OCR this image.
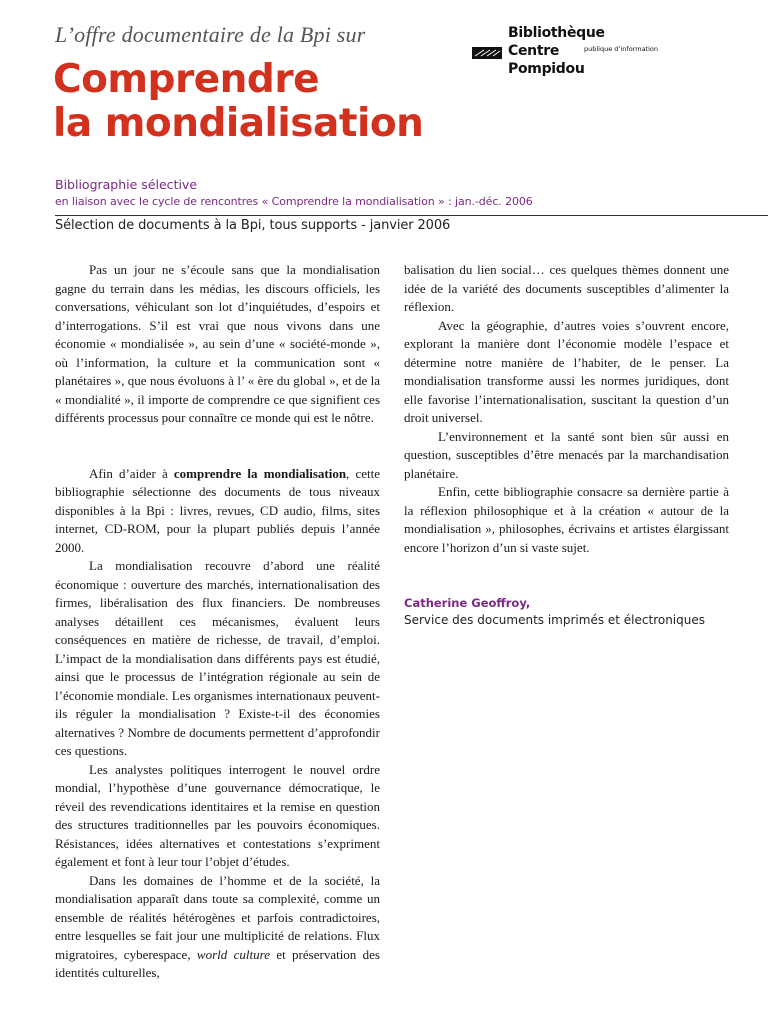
L’offre documentaire de la Bpi sur
Comprendre
la mondialisation
Bibliothèque
Centre	publique d’information
Pompidou
Bibliographie sélective
en liaison avec le cycle de rencontres « Comprendre la mondialisation » : jan.-déc. 2006
Sélection de documents à la Bpi, tous supports - janvier 2006

Pas un jour ne s’écoule sans que la mondialisation gagne du terrain dans les médias, les discours officiels, les conversations, véhiculant son lot d’inquiétudes, d’espoirs et d’interrogations. S’il est vrai que nous vivons dans une économie « mondialisée », au sein d’une « société-monde », où l’information, la culture et la communication sont « planétaires », que nous évoluons à l’ « ère du global », et de la « mondialité », il importe de comprendre ce que signifient ces différents processus pour connaître ce monde qui est le nôtre.

Afin d’aider à comprendre la mondialisation, cette bibliographie sélectionne des documents de tous niveaux disponibles à la Bpi : livres, revues, CD audio, films, sites internet, CD-ROM, pour la plupart publiés depuis l’année 2000.

La mondialisation recouvre d’abord une réalité économique : ouverture des marchés, internationalisation des firmes, libéralisation des flux financiers. De nombreuses analyses détaillent ces mécanismes, évaluent leurs conséquences en matière de richesse, de travail, d’emploi. L’impact de la mondialisation dans différents pays est étudié, ainsi que le processus de l’intégration régionale au sein de l’économie mondiale. Les organismes internationaux peuvent-ils réguler la mondialisation ? Existe-t-il des économies alternatives ? Nombre de documents permettent d’approfondir ces questions.

Les analystes politiques interrogent le nouvel ordre mondial, l’hypothèse d’une gouvernance démocratique, le réveil des revendications identitaires et la remise en question des structures traditionnelles par les pouvoirs économiques. Résistances, idées alternatives et contestations s’expriment également et font à leur tour l’objet d’études.

Dans les domaines de l’homme et de la société, la mondialisation apparaît dans toute sa complexité, comme un ensemble de réalités hétérogènes et parfois contradictoires, entre lesquelles se fait jour une multiplicité de relations. Flux migratoires, cyberespace, world culture et préservation des identités culturelles,

balisation du lien social… ces quelques thèmes donnent une idée de la variété des documents susceptibles d’alimenter la réflexion.

Avec la géographie, d’autres voies s’ouvrent encore, explorant la manière dont l’économie modèle l’espace et détermine notre manière de l’habiter, de le penser. La mondialisation transforme aussi les normes juridiques, dont elle favorise l’internationalisation, suscitant la question d’un droit universel.

L’environnement et la santé sont bien sûr aussi en question, susceptibles d’être menacés par la marchandisation planétaire.

Enfin, cette bibliographie consacre sa dernière partie à la réflexion philosophique et à la création « autour de la mondialisation », philosophes, écrivains et artistes élargissant encore l’horizon d’un si vaste sujet.

Catherine Geoffroy,
Service des documents imprimés et électroniques
